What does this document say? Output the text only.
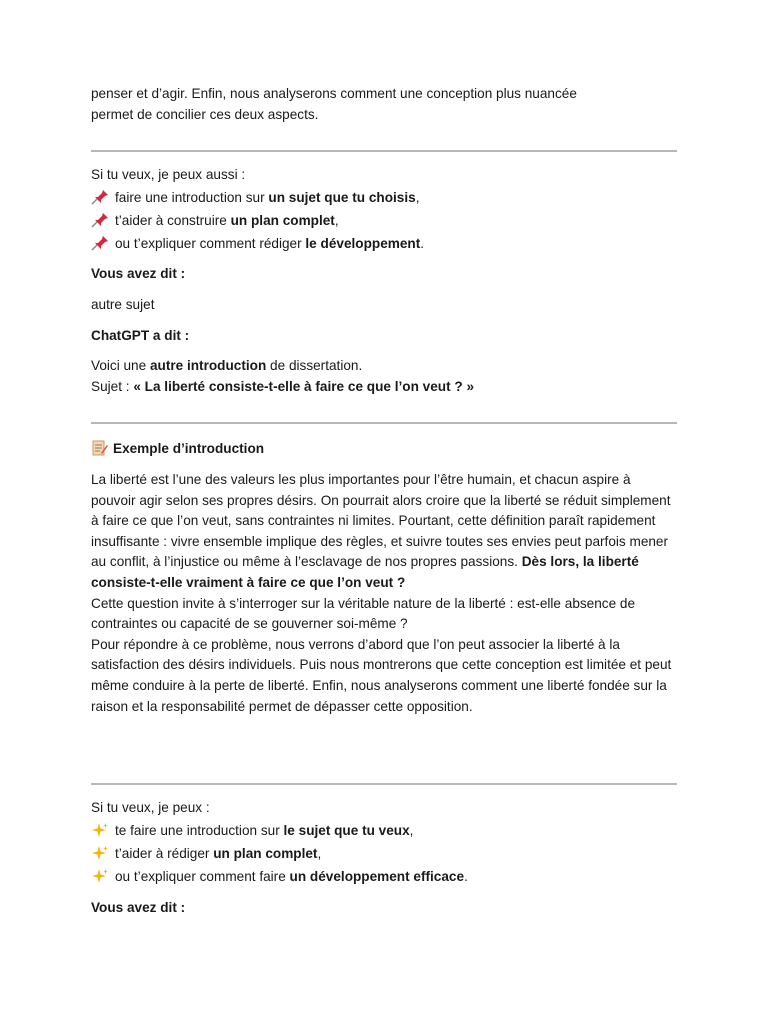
penser et d’agir. Enfin, nous analyserons comment une conception plus nuancée
permet de concilier ces deux aspects.
Si tu veux, je peux aussi :
faire une introduction sur un sujet que tu choisis,
t’aider à construire un plan complet,
ou t’expliquer comment rédiger le développement.
Vous avez dit :
autre sujet
ChatGPT a dit :
Voici une autre introduction de dissertation.
Sujet : « La liberté consiste-t-elle à faire ce que l’on veut ? »
Exemple d’introduction

La liberté est l’une des valeurs les plus importantes pour l’être humain, et chacun aspire à pouvoir agir selon ses propres désirs. On pourrait alors croire que la liberté se réduit simplement à faire ce que l’on veut, sans contraintes ni limites. Pourtant, cette définition paraît rapidement insuffisante : vivre ensemble implique des règles, et suivre toutes ses envies peut parfois mener au conflit, à l’injustice ou même à l’esclavage de nos propres passions. Dès lors, la liberté consiste-t-elle vraiment à faire ce que l’on veut ?

Cette question invite à s’interroger sur la véritable nature de la liberté : est-elle absence de contraintes ou capacité de se gouverner soi-même ?

Pour répondre à ce problème, nous verrons d’abord que l’on peut associer la liberté à la satisfaction des désirs individuels. Puis nous montrerons que cette conception est limitée et peut même conduire à la perte de liberté. Enfin, nous analyserons comment une liberté fondée sur la raison et la responsabilité permet de dépasser cette opposition.

Si tu veux, je peux :
te faire une introduction sur le sujet que tu veux,
t’aider à rédiger un plan complet,
ou t’expliquer comment faire un développement efficace.
Vous avez dit :
